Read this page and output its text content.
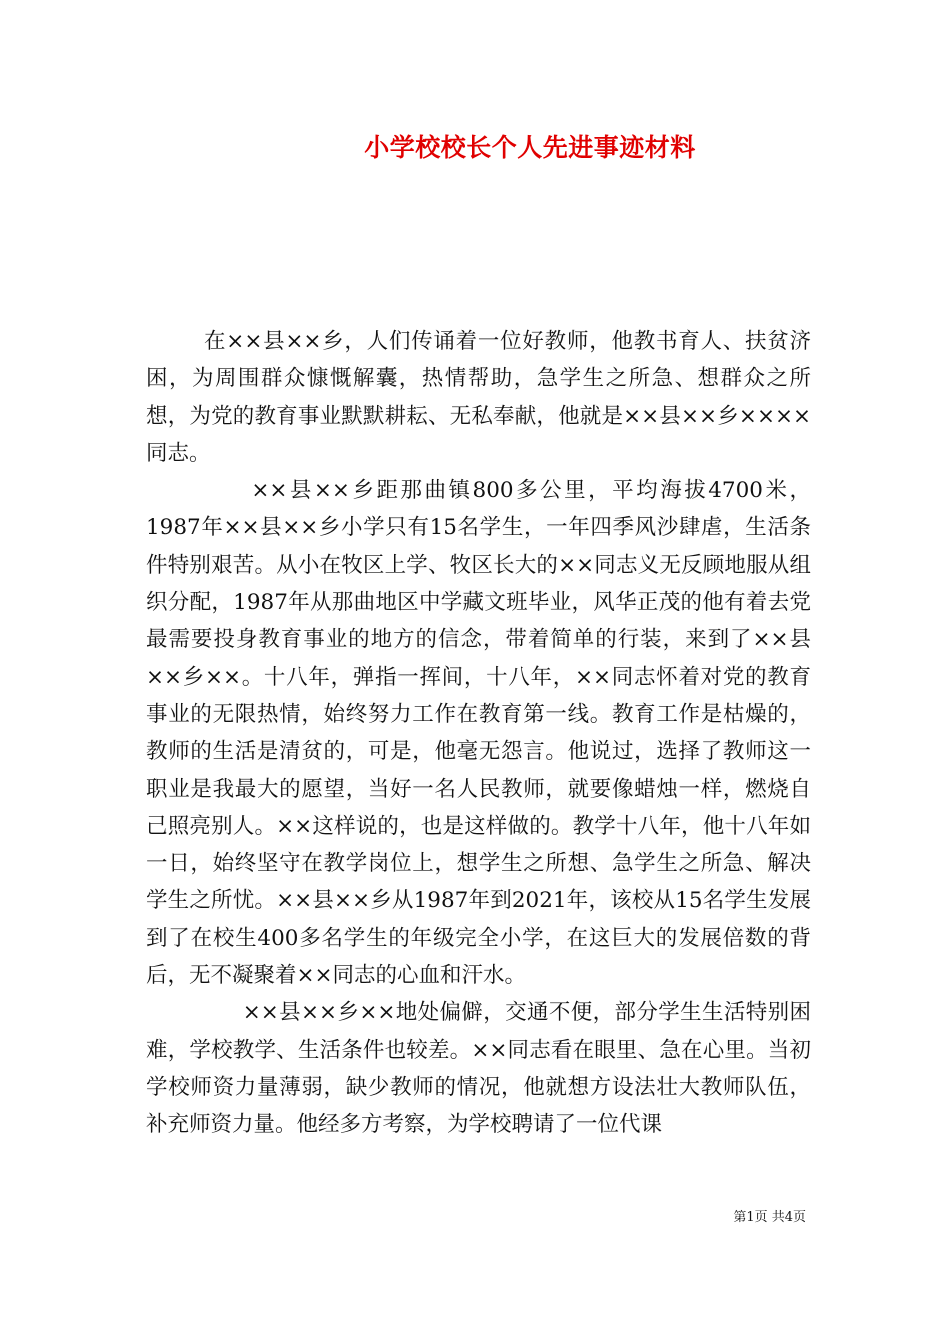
小学校校长个人先进事迹材料

在××县××乡，人们传诵着一位好教师，他教书育人、扶贫济困，为周围群众慷慨解囊，热情帮助，急学生之所急、想群众之所想，为党的教育事业默默耕耘、无私奉献，他就是××县××乡××××同志。

××县××乡距那曲镇800多公里，平均海拔4700米，1987年××县××乡小学只有15名学生，一年四季风沙肆虐，生活条件特别艰苦。从小在牧区上学、牧区长大的××同志义无反顾地服从组织分配，1987年从那曲地区中学藏文班毕业，风华正茂的他有着去党最需要投身教育事业的地方的信念，带着简单的行装，来到了××县××乡××。十八年，弹指一挥间，十八年，××同志怀着对党的教育事业的无限热情，始终努力工作在教育第一线。教育工作是枯燥的，教师的生活是清贫的，可是，他毫无怨言。他说过，选择了教师这一职业是我最大的愿望，当好一名人民教师，就要像蜡烛一样，燃烧自己照亮别人。××这样说的，也是这样做的。教学十八年，他十八年如一日，始终坚守在教学岗位上，想学生之所想、急学生之所急、解决学生之所忧。××县××乡从1987年到2021年，该校从15名学生发展到了在校生400多名学生的年级完全小学，在这巨大的发展倍数的背后，无不凝聚着××同志的心血和汗水。

××县××乡××地处偏僻，交通不便，部分学生生活特别困难，学校教学、生活条件也较差。××同志看在眼里、急在心里。当初学校师资力量薄弱，缺少教师的情况，他就想方设法壮大教师队伍，补充师资力量。他经多方考察，为学校聘请了一位代课

第1页 共4页
